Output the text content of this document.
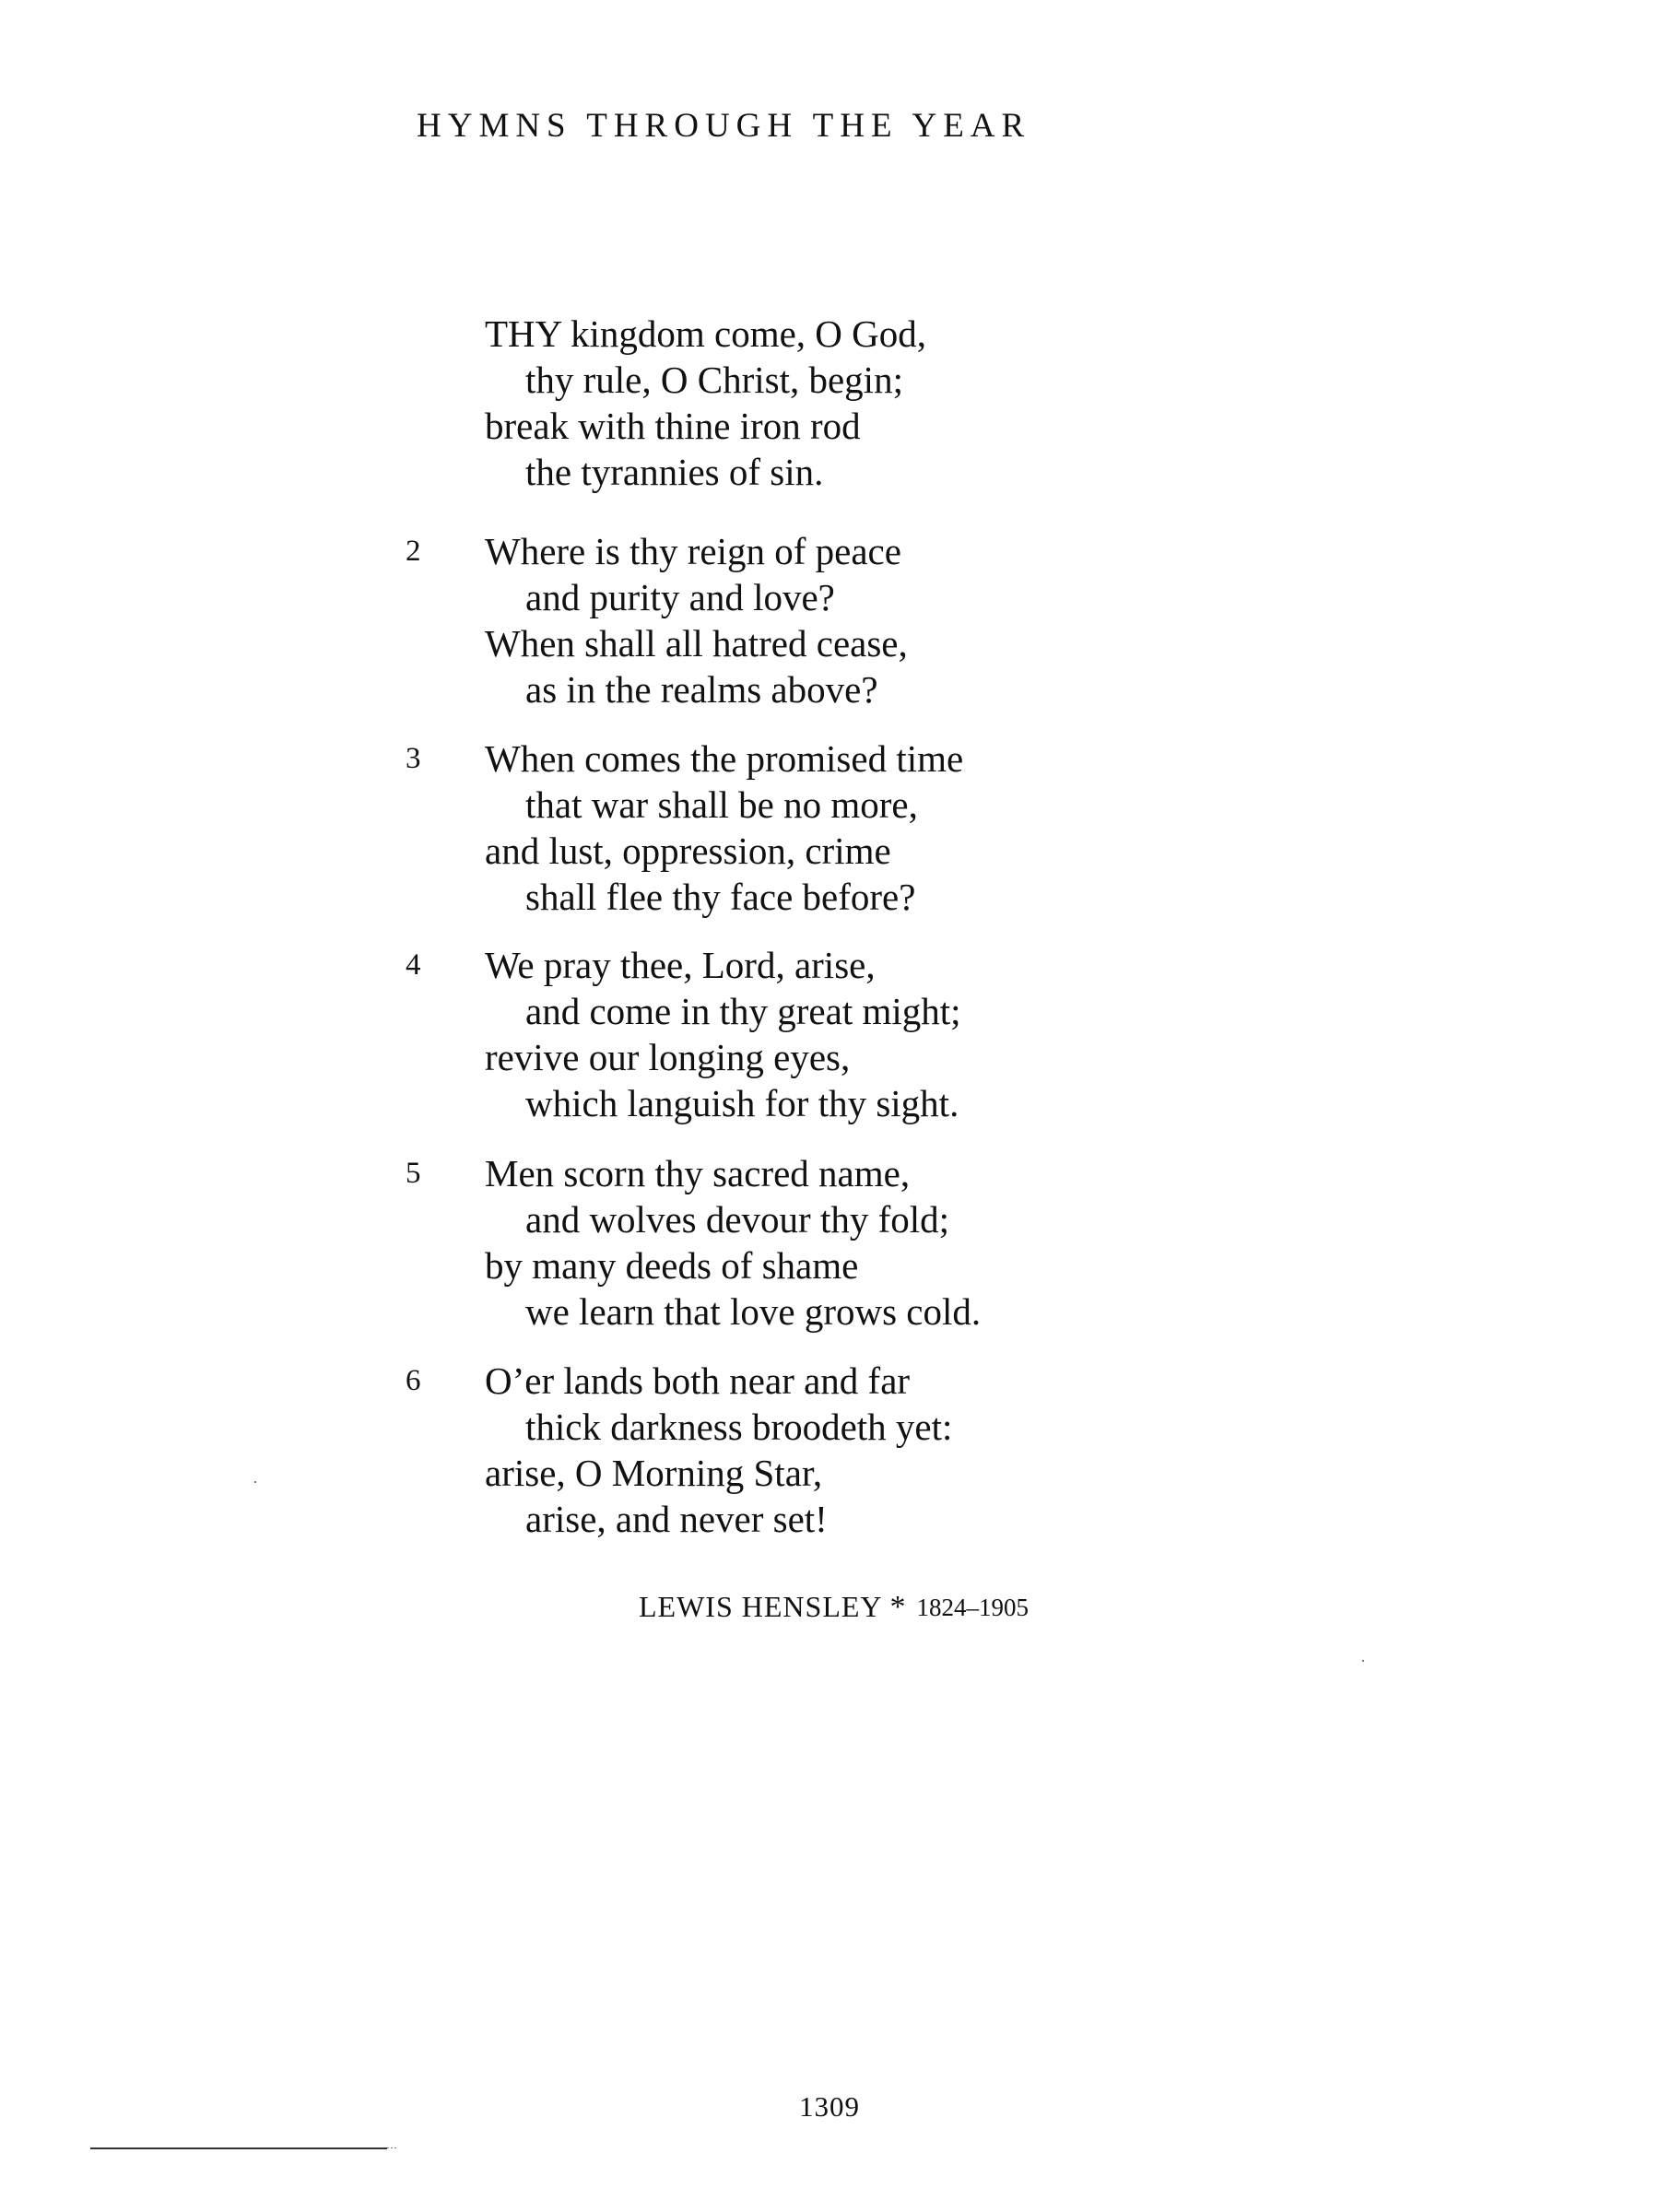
HYMNS THROUGH THE YEAR
THY kingdom come, O God,
thy rule, O Christ, begin;
break with thine iron rod
the tyrannies of sin.
2	Where is thy reign of peace
and purity and love?
When shall all hatred cease,
as in the realms above?
3	When comes the promised time
that war shall be no more,
and lust, oppression, crime
shall flee thy face before?
4	We pray thee, Lord, arise,
and come in thy great might;
revive our longing eyes,
which languish for thy sight.
5	Men scorn thy sacred name,
and wolves devour thy fold;
by many deeds of shame
we learn that love grows cold.
6	O’er lands both near and far
thick darkness broodeth yet:
arise, O Morning Star,
arise, and never set!
LEWIS HENSLEY * 1824–1905
1309
